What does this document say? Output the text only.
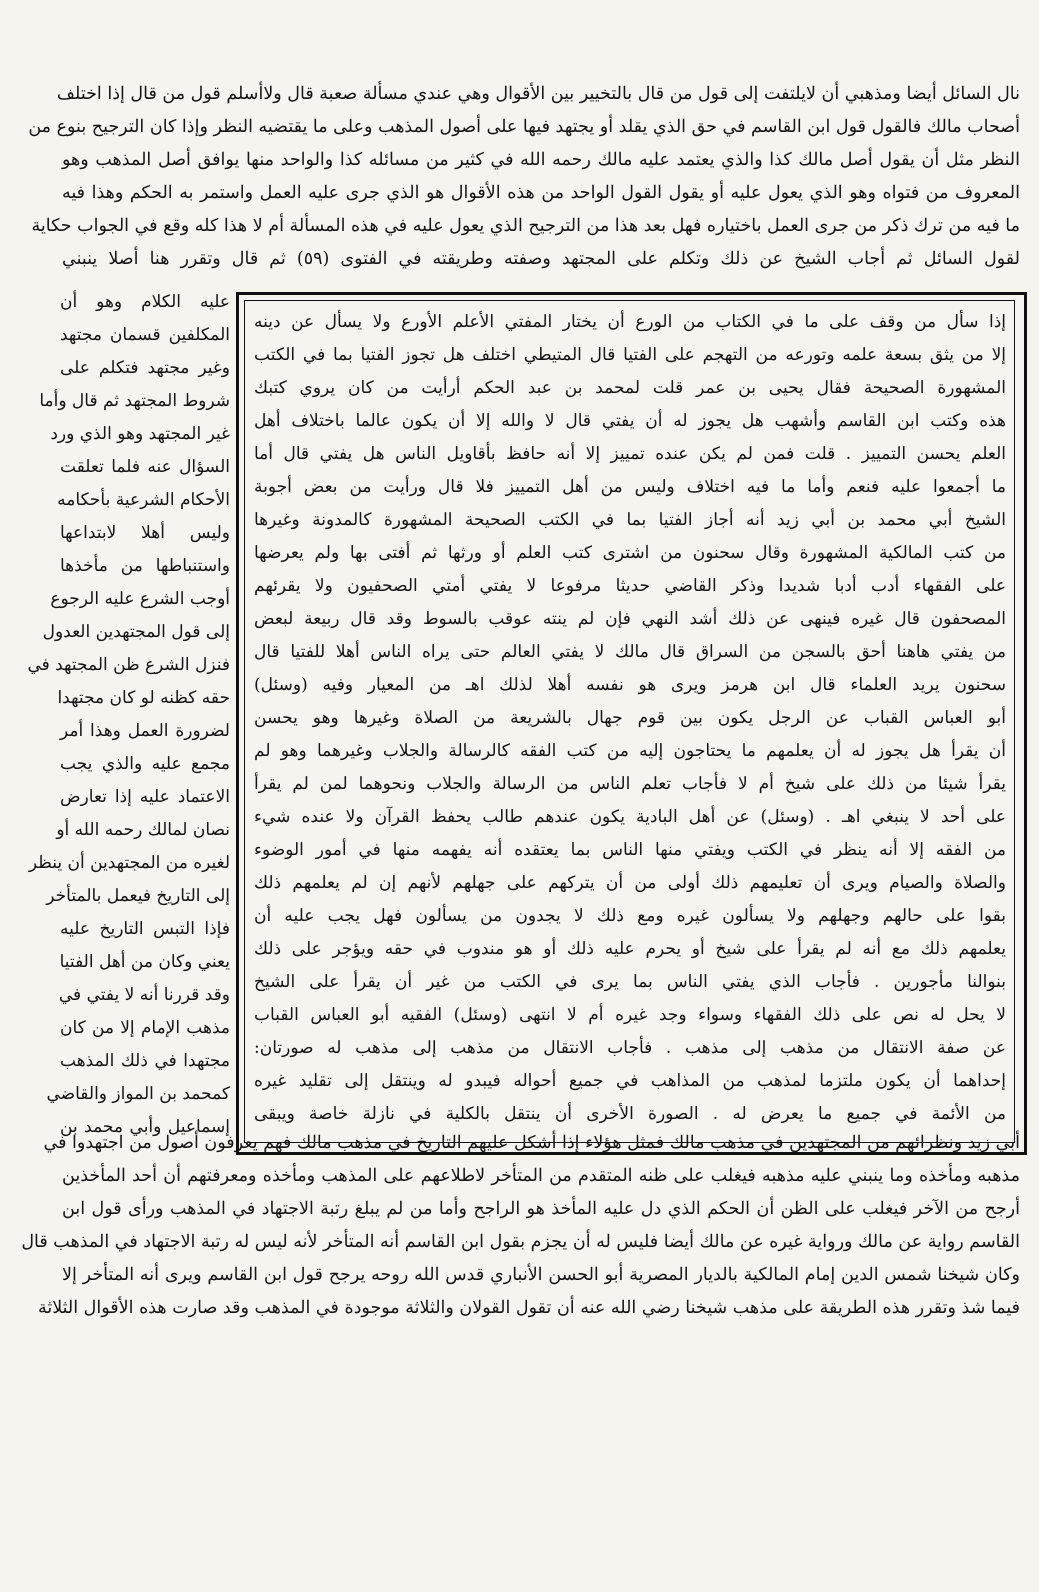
نال السائل أيضا ومذهبي أن لايلتفت إلى قول من قال بالتخيير بين الأقوال وهي عندي مسألة صعبة قال ولاأسلم قول من قال إذا اختلف
أصحاب مالك فالقول قول ابن القاسم في حق الذي يقلد أو يجتهد فيها على أصول المذهب وعلى ما يقتضيه النظر وإذا كان الترجيح بنوع من
النظر مثل أن يقول أصل مالك كذا والذي يعتمد عليه مالك رحمه الله في كثير من مسائله كذا والواحد منها يوافق أصل المذهب وهو
المعروف من فتواه وهو الذي يعول عليه أو يقول القول الواحد من هذه الأقوال هو الذي جرى عليه العمل واستمر به الحكم وهذا فيه
ما فيه من ترك ذكر من جرى العمل باختياره فهل بعد هذا من الترجيح الذي يعول عليه في هذه المسألة أم لا هذا كله وقع في الجواب حكاية
لقول السائل ثم أجاب الشيخ عن ذلك وتكلم على المجتهد وصفته وطريقته في الفتوى (٥٩) ثم قال وتقرر هنا أصلا ينبني
عليه الكلام وهو أن
المكلفين قسمان مجتهد
وغير مجتهد فتكلم على
شروط المجتهد ثم قال وأما
غير المجتهد وهو الذي ورد
السؤال عنه فلما تعلقت
الأحكام الشرعية بأحكامه
وليس أهلا لابتداعها
واستنباطها من مأخذها
أوجب الشرع عليه الرجوع
إلى قول المجتهدين العدول
فنزل الشرع ظن المجتهد في
حقه كظنه لو كان مجتهدا
لضرورة العمل وهذا أمر
مجمع عليه والذي يجب
الاعتماد عليه إذا تعارض
نصان لمالك رحمه الله أو
لغيره من المجتهدين أن ينظر
إلى التاريخ فيعمل بالمتأخر
فإذا التبس التاريخ عليه
يعني وكان من أهل الفتيا
وقد قررنا أنه لا يفتي في
مذهب الإمام إلا من كان
مجتهدا في ذلك المذهب
كمحمد بن المواز والقاضي
إسماعيل وأبي محمد بن
إذا سأل من وقف على ما في الكتاب من الورع أن يختار المفتي الأعلم الأورع ولا يسأل عن دينه
إلا من يثق بسعة علمه وتورعه من التهجم على الفتيا قال المتيطي اختلف هل تجوز الفتيا بما في الكتب
المشهورة الصحيحة فقال يحيى بن عمر قلت لمحمد بن عبد الحكم أرأيت من كان يروي كتبك
هذه وكتب ابن القاسم وأشهب هل يجوز له أن يفتي قال لا والله إلا أن يكون عالما باختلاف أهل
العلم يحسن التمييز . قلت فمن لم يكن عنده تمييز إلا أنه حافظ بأقاويل الناس هل يفتي قال أما
ما أجمعوا عليه فنعم وأما ما فيه اختلاف وليس من أهل التمييز فلا قال ورأيت من بعض أجوبة
الشيخ أبي محمد بن أبي زيد أنه أجاز الفتيا بما في الكتب الصحيحة المشهورة كالمدونة وغيرها
من كتب المالكية المشهورة وقال سحنون من اشترى كتب العلم أو ورثها ثم أفتى بها ولم يعرضها
على الفقهاء أدب أدبا شديدا وذكر القاضي حديثا مرفوعا لا يفتي أمتي الصحفيون ولا يقرئهم
المصحفون قال غيره فينهى عن ذلك أشد النهي فإن لم ينته عوقب بالسوط وقد قال ربيعة لبعض
من يفتي هاهنا أحق بالسجن من السراق قال مالك لا يفتي العالم حتى يراه الناس أهلا للفتيا قال
سحنون يريد العلماء قال ابن هرمز ويرى هو نفسه أهلا لذلك اهـ من المعيار وفيه (وسئل)
أبو العباس القباب عن الرجل يكون بين قوم جهال بالشريعة من الصلاة وغيرها وهو يحسن
أن يقرأ هل يجوز له أن يعلمهم ما يحتاجون إليه من كتب الفقه كالرسالة والجلاب وغيرهما وهو لم
يقرأ شيئا من ذلك على شيخ أم لا فأجاب تعلم الناس من الرسالة والجلاب ونحوهما لمن لم يقرأ
على أحد لا ينبغي اهـ . (وسئل) عن أهل البادية يكون عندهم طالب يحفظ القرآن ولا عنده شيء
من الفقه إلا أنه ينظر في الكتب ويفتي منها الناس بما يعتقده أنه يفهمه منها في أمور الوضوء
والصلاة والصيام ويرى أن تعليمهم ذلك أولى من أن يتركهم على جهلهم لأنهم إن لم يعلمهم ذلك
بقوا على حالهم وجهلهم ولا يسألون غيره ومع ذلك لا يجدون من يسألون فهل يجب عليه أن
يعلمهم ذلك مع أنه لم يقرأ على شيخ أو يحرم عليه ذلك أو هو مندوب في حقه ويؤجر على ذلك
بنوالنا مأجورين . فأجاب الذي يفتي الناس بما يرى في الكتب من غير أن يقرأ على الشيخ
لا يحل له نص على ذلك الفقهاء وسواء وجد غيره أم لا انتهى (وسئل) الفقيه أبو العباس القباب
عن صفة الانتقال من مذهب إلى مذهب . فأجاب الانتقال من مذهب إلى مذهب له صورتان:
إحداهما أن يكون ملتزما لمذهب من المذاهب في جميع أحواله فيبدو له وينتقل إلى تقليد غيره
من الأئمة في جميع ما يعرض له . الصورة الأخرى أن ينتقل بالكلية في نازلة خاصة ويبقى
أبي زيد ونظرائهم من المجتهدين في مذهب مالك فمثل هؤلاء إذا أشكل عليهم التاريخ في مذهب مالك فهم يعرفون أصول من اجتهدوا في
مذهبه ومأخذه وما ينبني عليه مذهبه فيغلب على ظنه المتقدم من المتأخر لاطلاعهم على المذهب ومأخذه ومعرفتهم أن أحد المأخذين
أرجح من الآخر فيغلب على الظن أن الحكم الذي دل عليه المأخذ هو الراجح وأما من لم يبلغ رتبة الاجتهاد في المذهب ورأى قول ابن
القاسم رواية عن مالك ورواية غيره عن مالك أيضا فليس له أن يجزم بقول ابن القاسم أنه المتأخر لأنه ليس له رتبة الاجتهاد في المذهب قال
وكان شيخنا شمس الدين إمام المالكية بالديار المصرية أبو الحسن الأنباري قدس الله روحه يرجح قول ابن القاسم ويرى أنه المتأخر إلا
فيما شذ وتقرر هذه الطريقة على مذهب شيخنا رضي الله عنه أن تقول القولان والثلاثة موجودة في المذهب وقد صارت هذه الأقوال الثلاثة
